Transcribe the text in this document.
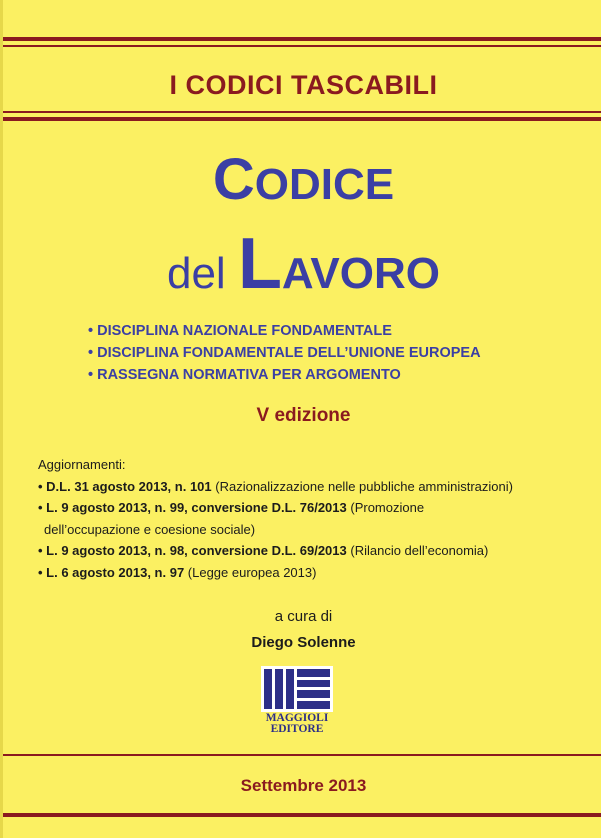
I CODICI TASCABILI
CODICE
del LAVORO
• DISCIPLINA NAZIONALE FONDAMENTALE
• DISCIPLINA FONDAMENTALE DELL’UNIONE EUROPEA
• RASSEGNA NORMATIVA PER ARGOMENTO
V edizione
Aggiornamenti:
• D.L. 31 agosto 2013, n. 101 (Razionalizzazione nelle pubbliche amministrazioni)
• L. 9 agosto 2013, n. 99, conversione D.L. 76/2013 (Promozione
dell’occupazione e coesione sociale)
• L. 9 agosto 2013, n. 98, conversione D.L. 69/2013 (Rilancio dell’economia)
• L. 6 agosto 2013, n. 97 (Legge europea 2013)
a cura di
Diego Solenne
MAGGIOLI
EDITORE
Settembre 2013
